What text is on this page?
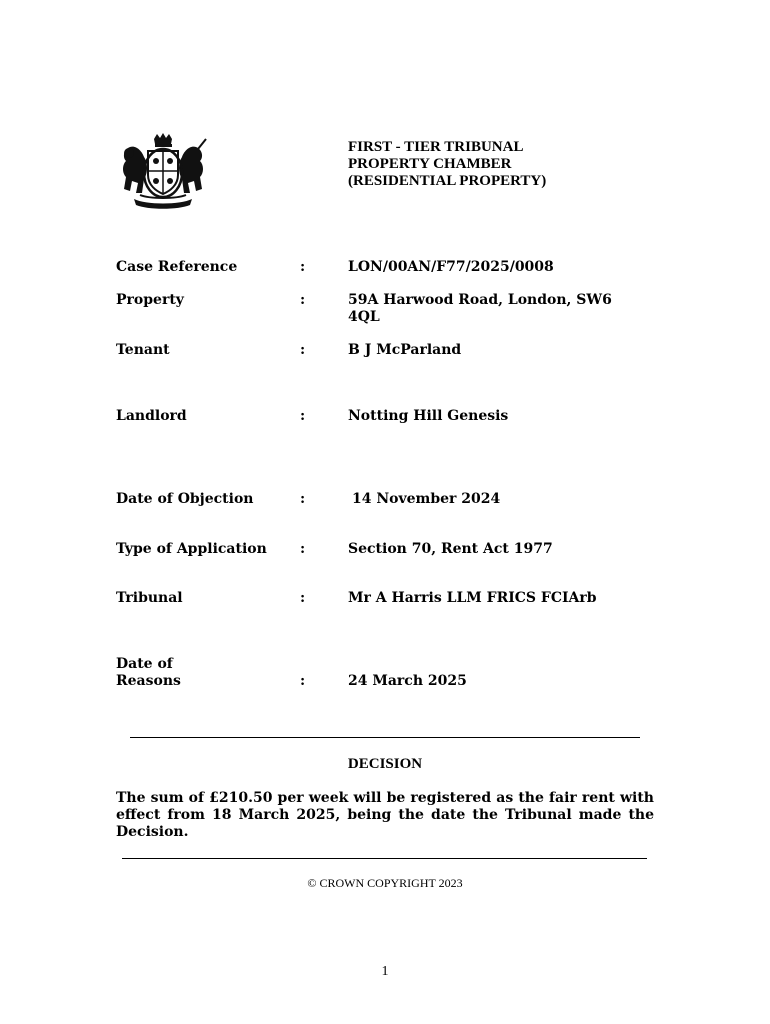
FIRST - TIER TRIBUNAL
PROPERTY CHAMBER
(RESIDENTIAL PROPERTY)
Case Reference	:	LON/00AN/F77/2025/0008
Property	:	59A Harwood Road, London, SW6 4QL
Tenant	:	B J McParland
Landlord	:	Notting Hill Genesis
Date of Objection	:	14 November 2024
Type of Application	:	Section 70, Rent Act 1977
Tribunal	:	Mr A Harris LLM FRICS FCIArb
Date of Reasons	:	24 March 2025
DECISION
The sum of £210.50 per week will be registered as the fair rent with effect from 18 March 2025, being the date the Tribunal made the Decision.
© CROWN COPYRIGHT 2023
1
